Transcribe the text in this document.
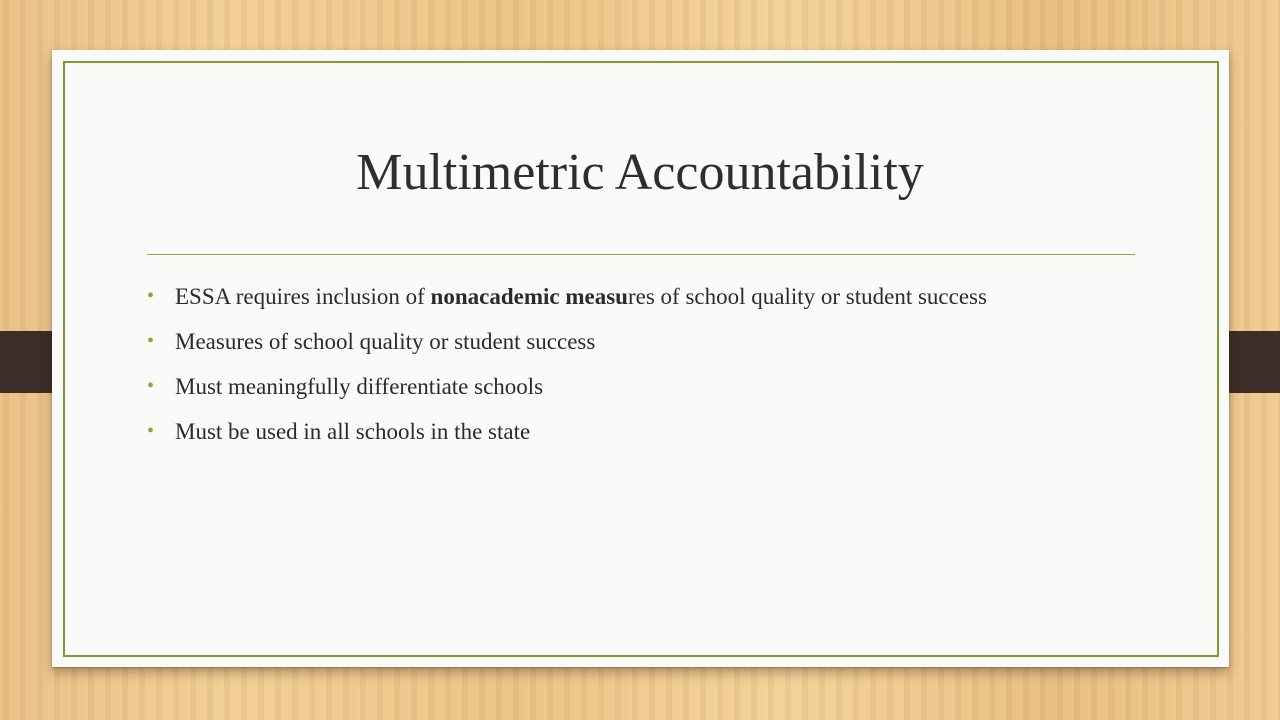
Multimetric Accountability
• ESSA requires inclusion of nonacademic measures of school quality or student success
• Measures of school quality or student success
• Must meaningfully differentiate schools
• Must be used in all schools in the state
